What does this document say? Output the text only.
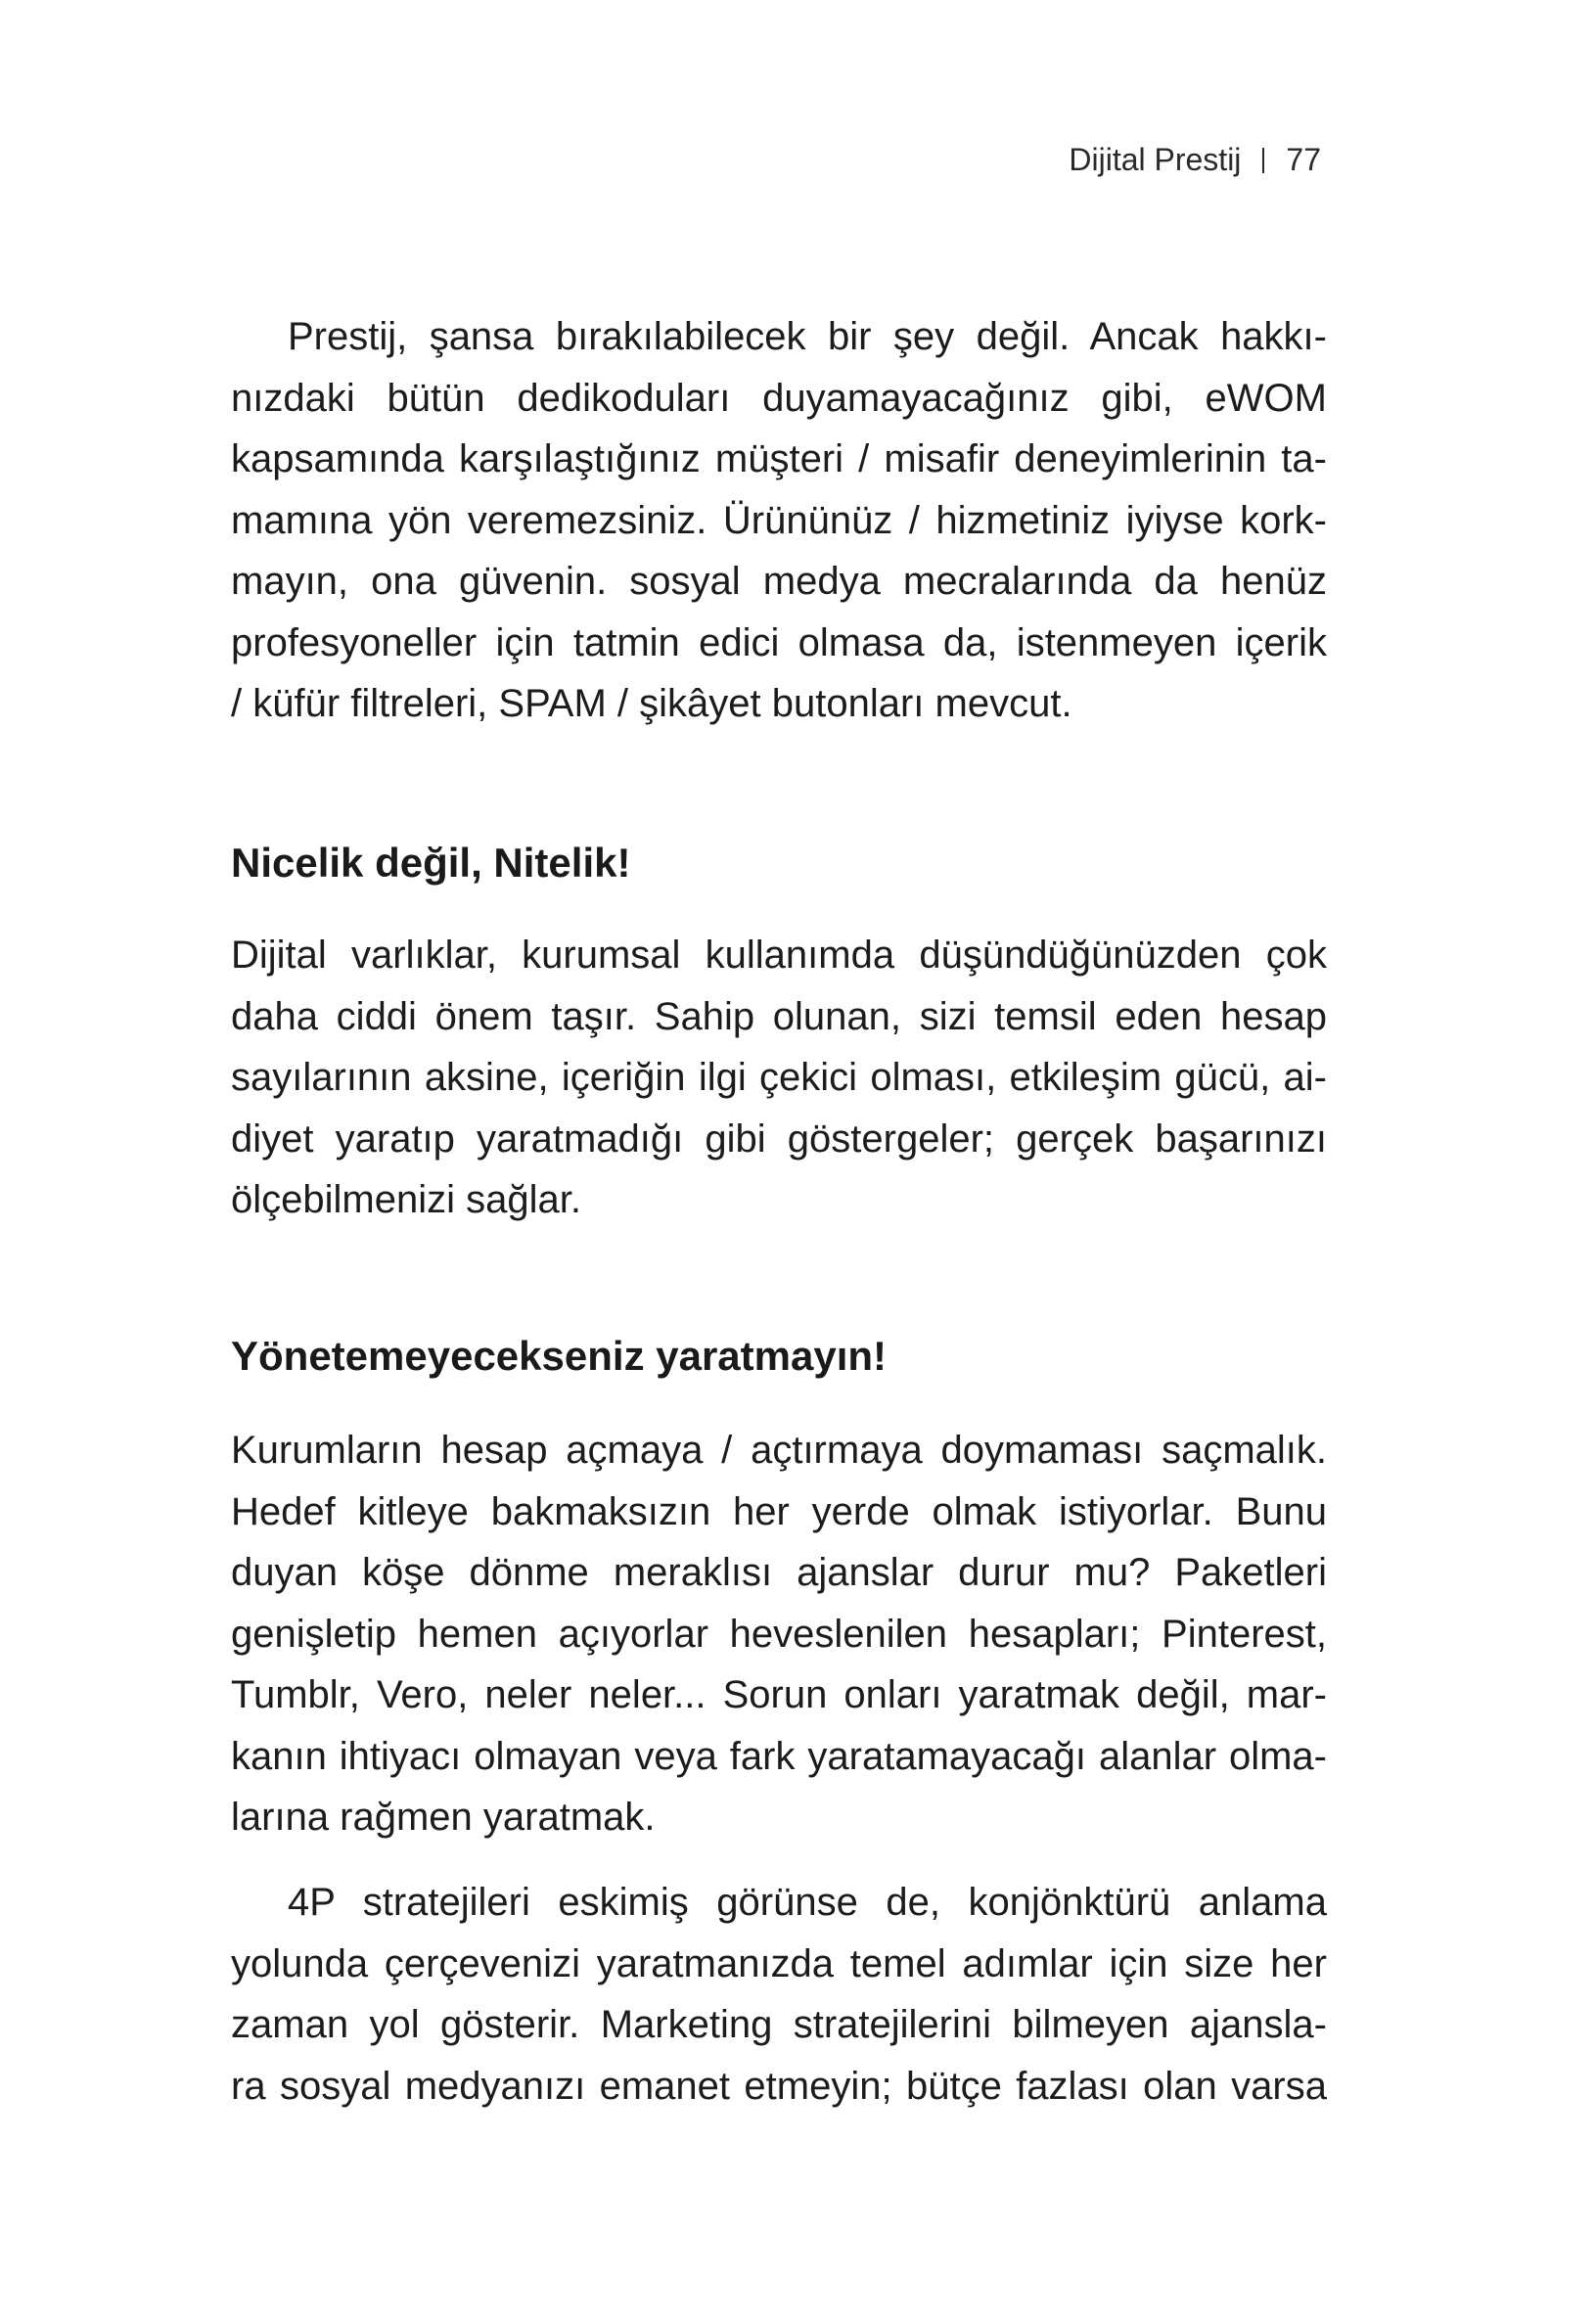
Dijital Prestij 77
Prestij, şansa bırakılabilecek bir şey değil. Ancak hakkı-
nızdaki bütün dedikoduları duyamayacağınız gibi, eWOM
kapsamında karşılaştığınız müşteri / misafir deneyimlerinin ta-
mamına yön veremezsiniz. Ürününüz / hizmetiniz iyiyse kork-
mayın, ona güvenin. sosyal medya mecralarında da henüz
profesyoneller için tatmin edici olmasa da, istenmeyen içerik
/ küfür filtreleri, SPAM / şikâyet butonları mevcut.
Nicelik değil, Nitelik!
Dijital varlıklar, kurumsal kullanımda düşündüğünüzden çok
daha ciddi önem taşır. Sahip olunan, sizi temsil eden hesap
sayılarının aksine, içeriğin ilgi çekici olması, etkileşim gücü, ai-
diyet yaratıp yaratmadığı gibi göstergeler; gerçek başarınızı
ölçebilmenizi sağlar.
Yönetemeyecekseniz yaratmayın!
Kurumların hesap açmaya / açtırmaya doymaması saçmalık.
Hedef kitleye bakmaksızın her yerde olmak istiyorlar. Bunu
duyan köşe dönme meraklısı ajanslar durur mu? Paketleri
genişletip hemen açıyorlar heveslenilen hesapları; Pinterest,
Tumblr, Vero, neler neler... Sorun onları yaratmak değil, mar-
kanın ihtiyacı olmayan veya fark yaratamayacağı alanlar olma-
larına rağmen yaratmak.
4P stratejileri eskimiş görünse de, konjönktürü anlama
yolunda çerçevenizi yaratmanızda temel adımlar için size her
zaman yol gösterir. Marketing stratejilerini bilmeyen ajansla-
ra sosyal medyanızı emanet etmeyin; bütçe fazlası olan varsa
